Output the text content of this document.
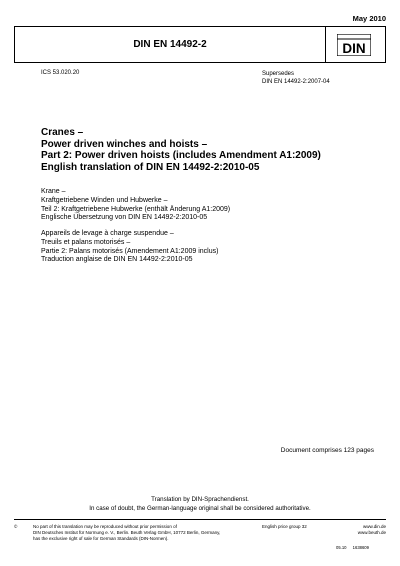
May 2010
DIN EN 14492-2	DIN
ICS 53.020.20	Supersedes
DIN EN 14492-2:2007-04
Cranes –
Power driven winches and hoists –
Part 2: Power driven hoists (includes Amendment A1:2009)
English translation of DIN EN 14492-2:2010-05
Krane –
Kraftgetriebene Winden und Hubwerke –
Teil 2: Kraftgetriebene Hubwerke (enthält Änderung A1:2009)
Englische Übersetzung von DIN EN 14492-2:2010-05
Appareils de levage à charge suspendue –
Treuils et palans motorisés –
Partie 2: Palans motorisés (Amendement A1:2009 inclus)
Traduction anglaise de DIN EN 14492-2:2010-05
Document comprises 123 pages
Translation by DIN-Sprachendienst.
In case of doubt, the German-language original shall be considered authoritative.
©	No part of this translation may be reproduced without prior permission of
DIN Deutsches Institut für Normung e. V., Berlin. Beuth Verlag GmbH, 10772 Berlin, Germany,
has the exclusive right of sale for German Standards (DIN-Normen).
English price group 32	www.din.de
www.beuth.de
05.10 1638609
